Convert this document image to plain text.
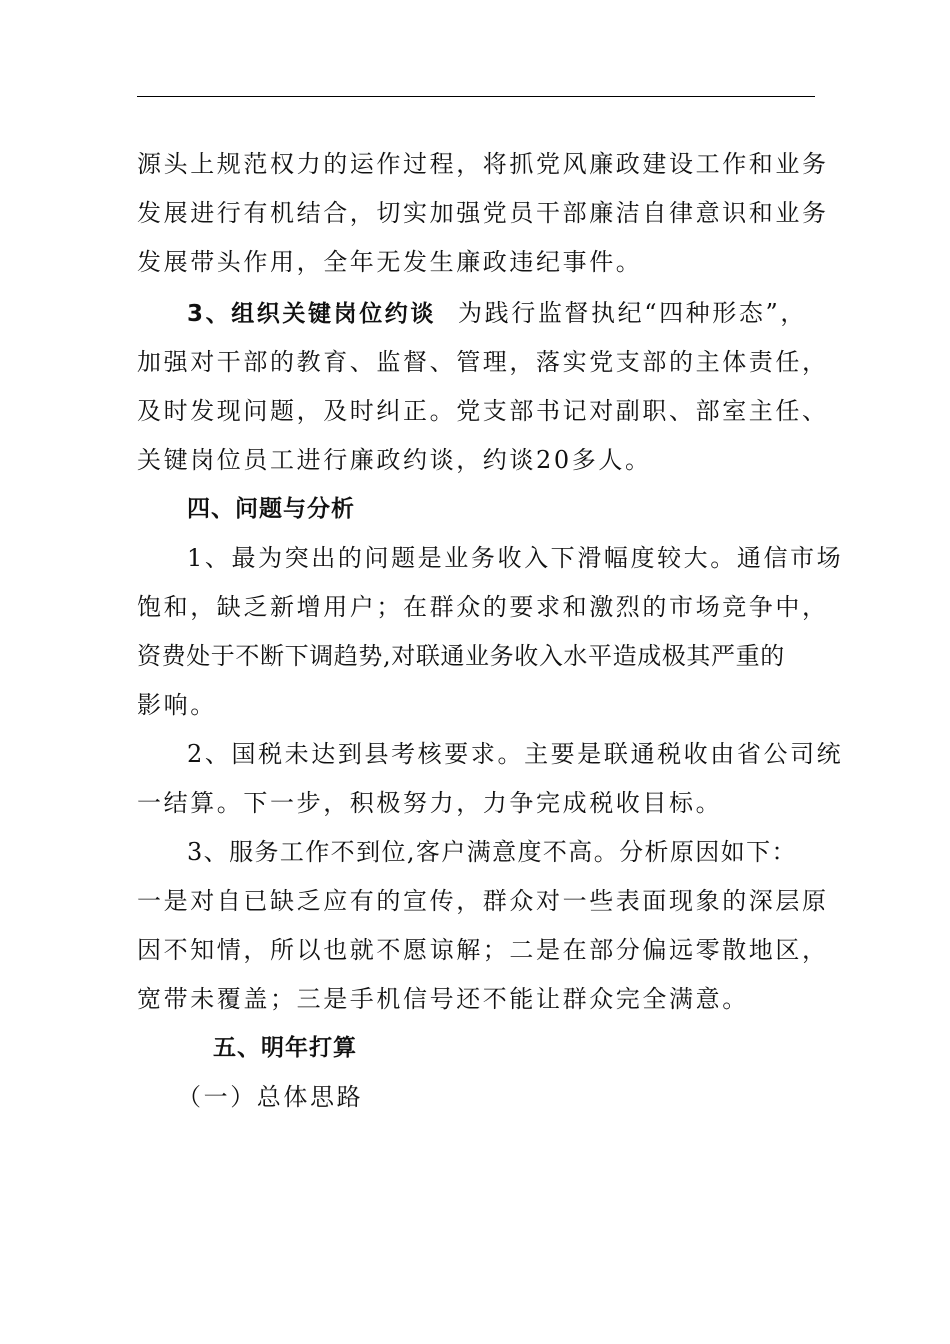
源头上规范权力的运作过程，将抓党风廉政建设工作和业务
发展进行有机结合，切实加强党员干部廉洁自律意识和业务
发展带头作用，全年无发生廉政违纪事件。
3、组织关键岗位约谈 为践行监督执纪“四种形态”，
加强对干部的教育、监督、管理，落实党支部的主体责任，
及时发现问题，及时纠正。党支部书记对副职、部室主任、
关键岗位员工进行廉政约谈，约谈20多人。
四、问题与分析
1、最为突出的问题是业务收入下滑幅度较大。通信市场
饱和，缺乏新增用户；在群众的要求和激烈的市场竞争中，
资费处于不断下调趋势,对联通业务收入水平造成极其严重的
影响。
2、国税未达到县考核要求。主要是联通税收由省公司统
一结算。下一步，积极努力，力争完成税收目标。
3、服务工作不到位,客户满意度不高。分析原因如下：
一是对自已缺乏应有的宣传，群众对一些表面现象的深层原
因不知情，所以也就不愿谅解；二是在部分偏远零散地区，
宽带未覆盖；三是手机信号还不能让群众完全满意。
五、明年打算
（一）总体思路
